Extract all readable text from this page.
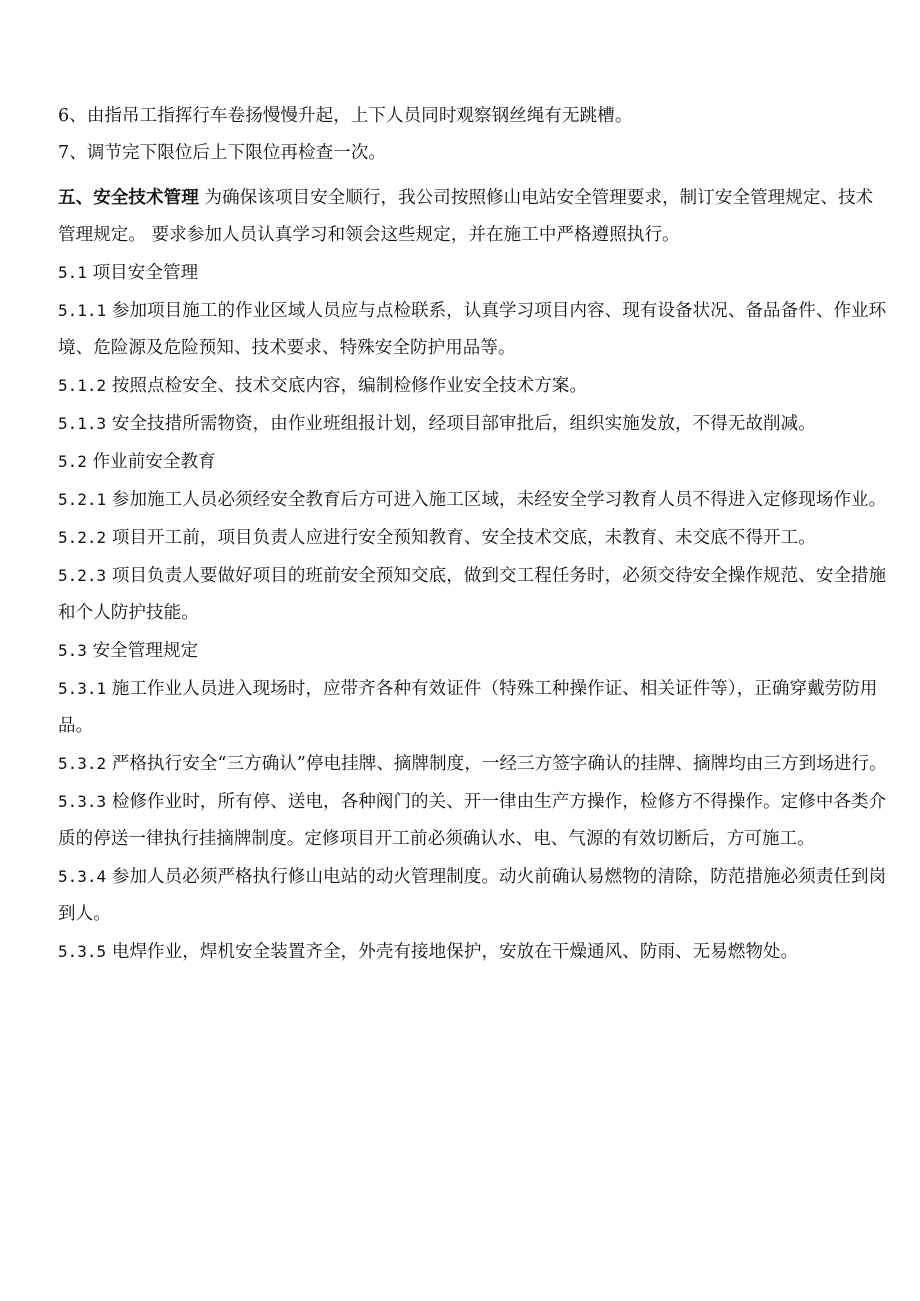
6、由指吊工指挥行车卷扬慢慢升起，上下人员同时观察钢丝绳有无跳槽。

7、调节完下限位后上下限位再检查一次。

五、安全技术管理 为确保该项目安全顺行，我公司按照修山电站安全管理要求，制订安全管理规定、技术管理规定。 要求参加人员认真学习和领会这些规定，并在施工中严格遵照执行。

5.1 项目安全管理

5.1.1 参加项目施工的作业区域人员应与点检联系，认真学习项目内容、现有设备状况、备品备件、作业环境、危险源及危险预知、技术要求、特殊安全防护用品等。

5.1.2 按照点检安全、技术交底内容，编制检修作业安全技术方案。

5.1.3 安全技措所需物资，由作业班组报计划，经项目部审批后，组织实施发放，不得无故削减。

5.2 作业前安全教育

5.2.1 参加施工人员必须经安全教育后方可进入施工区域，未经安全学习教育人员不得进入定修现场作业。

5.2.2 项目开工前，项目负责人应进行安全预知教育、安全技术交底，未教育、未交底不得开工。

5.2.3 项目负责人要做好项目的班前安全预知交底，做到交工程任务时，必须交待安全操作规范、安全措施和个人防护技能。

5.3 安全管理规定

5.3.1 施工作业人员进入现场时，应带齐各种有效证件（特殊工种操作证、相关证件等），正确穿戴劳防用品。

5.3.2 严格执行安全“三方确认”停电挂牌、摘牌制度，一经三方签字确认的挂牌、摘牌均由三方到场进行。

5.3.3 检修作业时，所有停、送电，各种阀门的关、开一律由生产方操作，检修方不得操作。定修中各类介质的停送一律执行挂摘牌制度。定修项目开工前必须确认水、电、气源的有效切断后，方可施工。

5.3.4 参加人员必须严格执行修山电站的动火管理制度。动火前确认易燃物的清除，防范措施必须责任到岗到人。

5.3.5 电焊作业，焊机安全装置齐全，外壳有接地保护，安放在干燥通风、防雨、无易燃物处。
